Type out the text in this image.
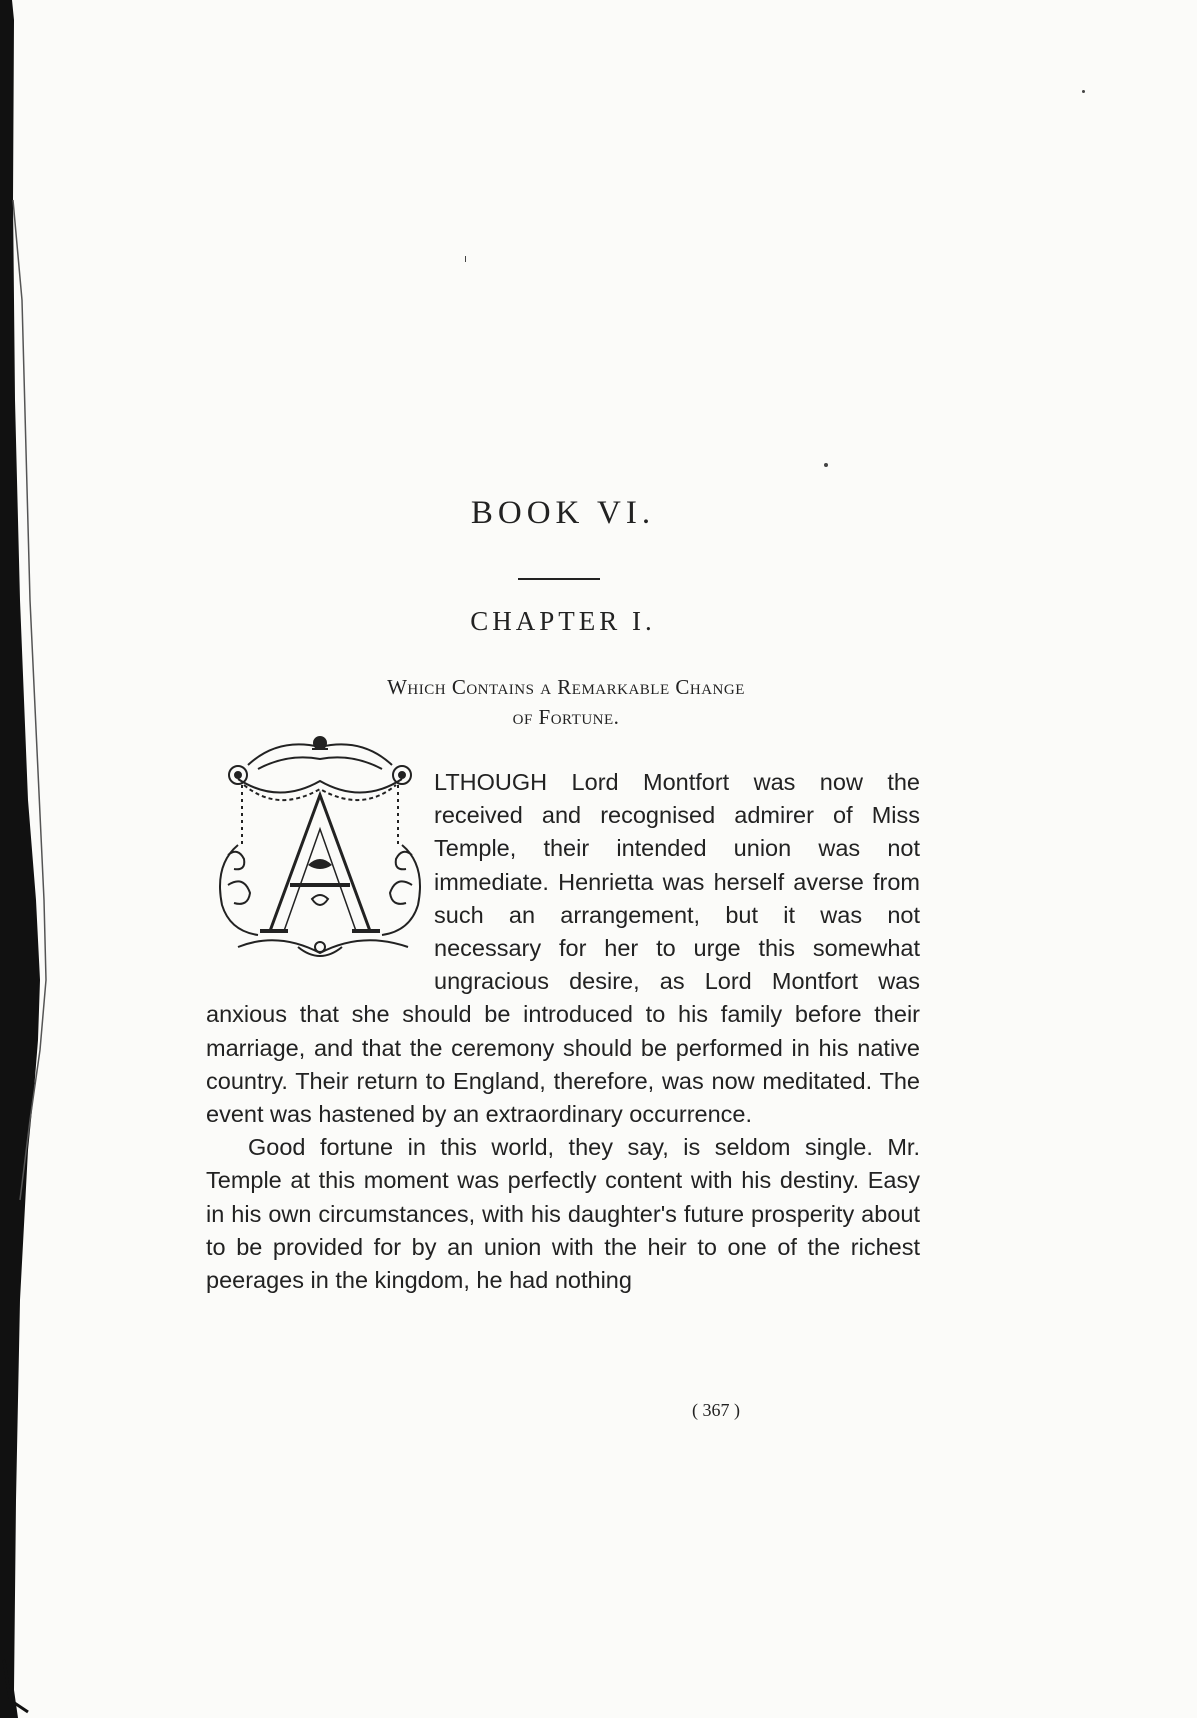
BOOK VI.
CHAPTER I.
Which Contains a Remarkable Change
of Fortune.

LTHOUGH Lord Montfort was now the received and recognised admirer of Miss Temple, their intended union was not immediate. Henrietta was herself averse from such an arrangement, but it was not necessary for her to urge this somewhat ungracious desire, as Lord Montfort was anxious that she should be introduced to his family before their marriage, and that the ceremony should be performed in his native country. Their return to England, therefore, was now meditated. The event was hastened by an extraordinary occurrence.

Good fortune in this world, they say, is seldom single. Mr. Temple at this moment was perfectly content with his destiny. Easy in his own circumstances, with his daughter's future prosperity about to be provided for by an union with the heir to one of the richest peerages in the kingdom, he had nothing

( 367 )
